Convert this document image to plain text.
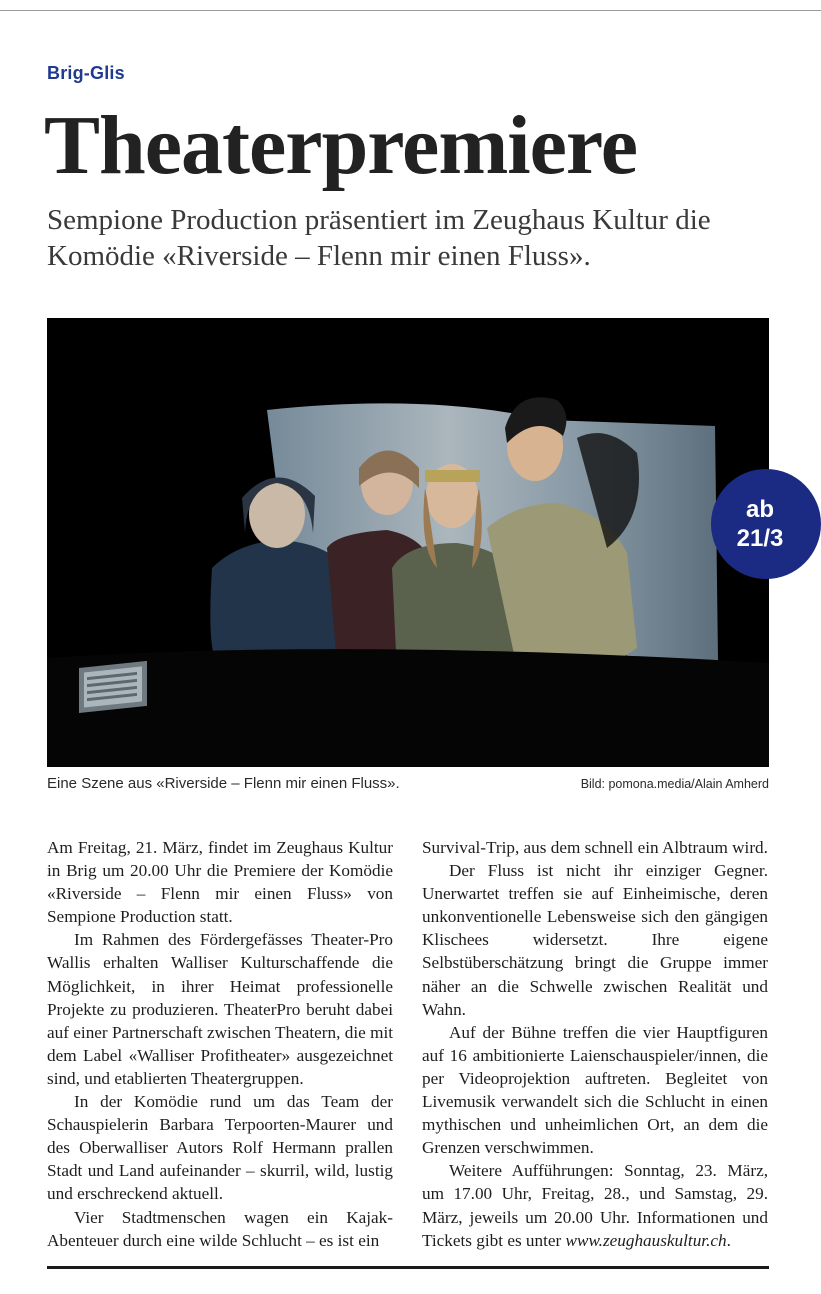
Brig-Glis
Theaterpremiere

Sempione Production präsentiert im Zeughaus Kultur die Komödie «Riverside – Flenn mir einen Fluss».

ab
21/3
Eine Szene aus «Riverside – Flenn mir einen Fluss».	Bild: pomona.media/Alain Amherd

Am Freitag, 21. März, findet im Zeughaus Kultur in Brig um 20.00 Uhr die Premiere der Komödie «Riverside – Flenn mir einen Fluss» von Sempione Production statt.

Im Rahmen des Fördergefässes Theater-Pro Wallis erhalten Walliser Kulturschaffende die Möglichkeit, in ihrer Heimat professionelle Projekte zu produzieren. TheaterPro beruht dabei auf einer Partnerschaft zwischen Theatern, die mit dem Label «Walliser Profitheater» ausgezeichnet sind, und etablierten Theatergruppen.

In der Komödie rund um das Team der Schauspielerin Barbara Terpoorten-Maurer und des Oberwalliser Autors Rolf Hermann prallen Stadt und Land aufeinander – skurril, wild, lustig und erschreckend aktuell.

Vier Stadtmenschen wagen ein Kajak-Abenteuer durch eine wilde Schlucht – es ist ein

Survival-Trip, aus dem schnell ein Albtraum wird.

Der Fluss ist nicht ihr einziger Gegner. Unerwartet treffen sie auf Einheimische, deren unkonventionelle Lebensweise sich den gängigen Klischees widersetzt. Ihre eigene Selbstüberschätzung bringt die Gruppe immer näher an die Schwelle zwischen Realität und Wahn.

Auf der Bühne treffen die vier Hauptfiguren auf 16 ambitionierte Laienschauspieler/innen, die per Videoprojektion auftreten. Begleitet von Livemusik verwandelt sich die Schlucht in einen mythischen und unheimlichen Ort, an dem die Grenzen verschwimmen.

Weitere Aufführungen: Sonntag, 23. März, um 17.00 Uhr, Freitag, 28., und Samstag, 29. März, jeweils um 20.00 Uhr. Informationen und Tickets gibt es unter www.zeughauskultur.ch.
